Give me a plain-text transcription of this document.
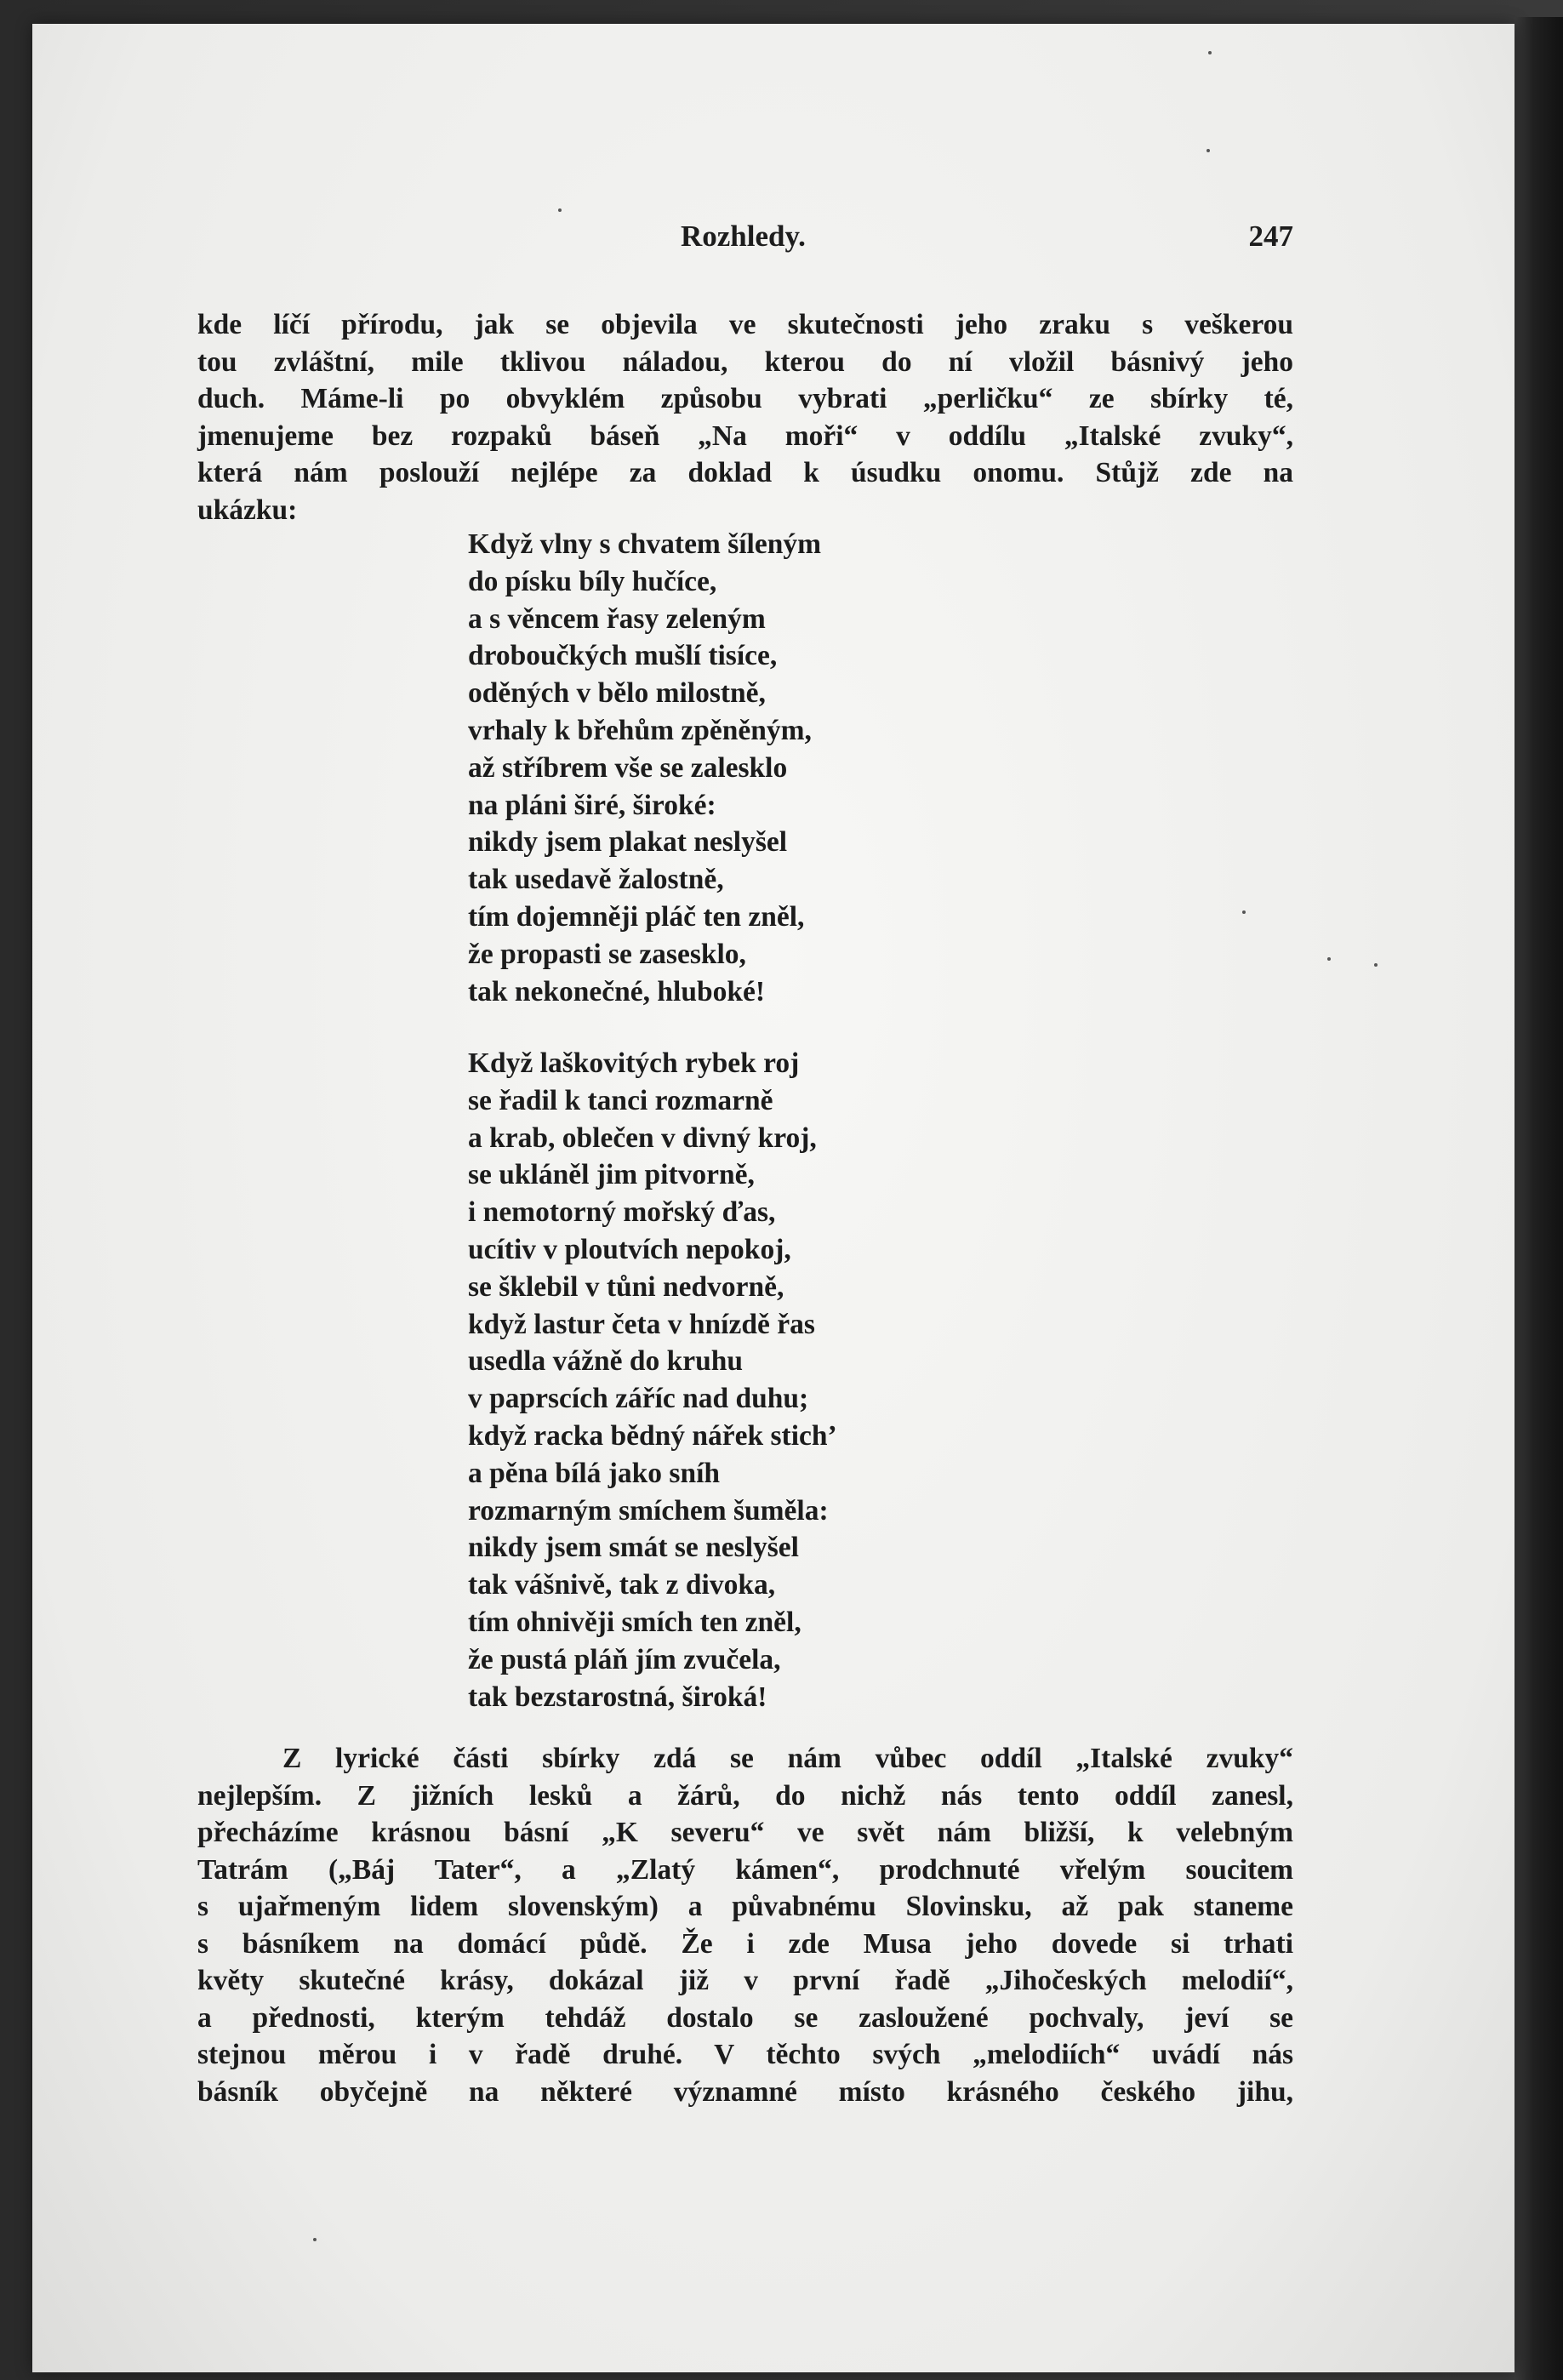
Rozhledy.	247
kde líčí přírodu, jak se objevila ve skutečnosti jeho zraku s veškerou
tou zvláštní, mile tklivou náladou, kterou do ní vložil básnivý jeho
duch. Máme-li po obvyklém způsobu vybrati „perličku“ ze sbírky té,
jmenujeme bez rozpaků báseň „Na moři“ v oddílu „Italské zvuky“,
která nám poslouží nejlépe za doklad k úsudku onomu. Stůjž zde na
ukázku:
Když vlny s chvatem šíleným
do písku bíly hučíce,
a s věncem řasy zeleným
droboučkých mušlí tisíce,
oděných v bělo milostně,
vrhaly k břehům zpěněným,
až stříbrem vše se zalesklo
na pláni širé, široké:
nikdy jsem plakat neslyšel
tak usedavě žalostně,
tím dojemněji pláč ten zněl,
že propasti se zasesklo,
tak nekonečné, hluboké!
Když laškovitých rybek roj
se řadil k tanci rozmarně
a krab, oblečen v divný kroj,
se ukláněl jim pitvorně,
i nemotorný mořský ďas,
ucítiv v ploutvích nepokoj,
se šklebil v tůni nedvorně,
když lastur četa v hnízdě řas
usedla vážně do kruhu
v paprscích záříc nad duhu;
když racka bědný nářek stich’
a pěna bílá jako sníh
rozmarným smíchem šuměla:
nikdy jsem smát se neslyšel
tak vášnivě, tak z divoka,
tím ohnivěji smích ten zněl,
že pustá pláň jím zvučela,
tak bezstarostná, široká!
Z lyrické části sbírky zdá se nám vůbec oddíl „Italské zvuky“
nejlepším. Z jižních lesků a žárů, do nichž nás tento oddíl zanesl,
přecházíme krásnou básní „K severu“ ve svět nám bližší, k velebným
Tatrám („Báj Tater“, a „Zlatý kámen“, prodchnuté vřelým soucitem
s ujařmeným lidem slovenským) a půvabnému Slovinsku, až pak staneme
s básníkem na domácí půdě. Že i zde Musa jeho dovede si trhati
květy skutečné krásy, dokázal již v první řadě „Jihočeských melodií“,
a přednosti, kterým tehdáž dostalo se zasloužené pochvaly, jeví se
stejnou měrou i v řadě druhé. V těchto svých „melodiích“ uvádí nás
básník obyčejně na některé významné místo krásného českého jihu,
